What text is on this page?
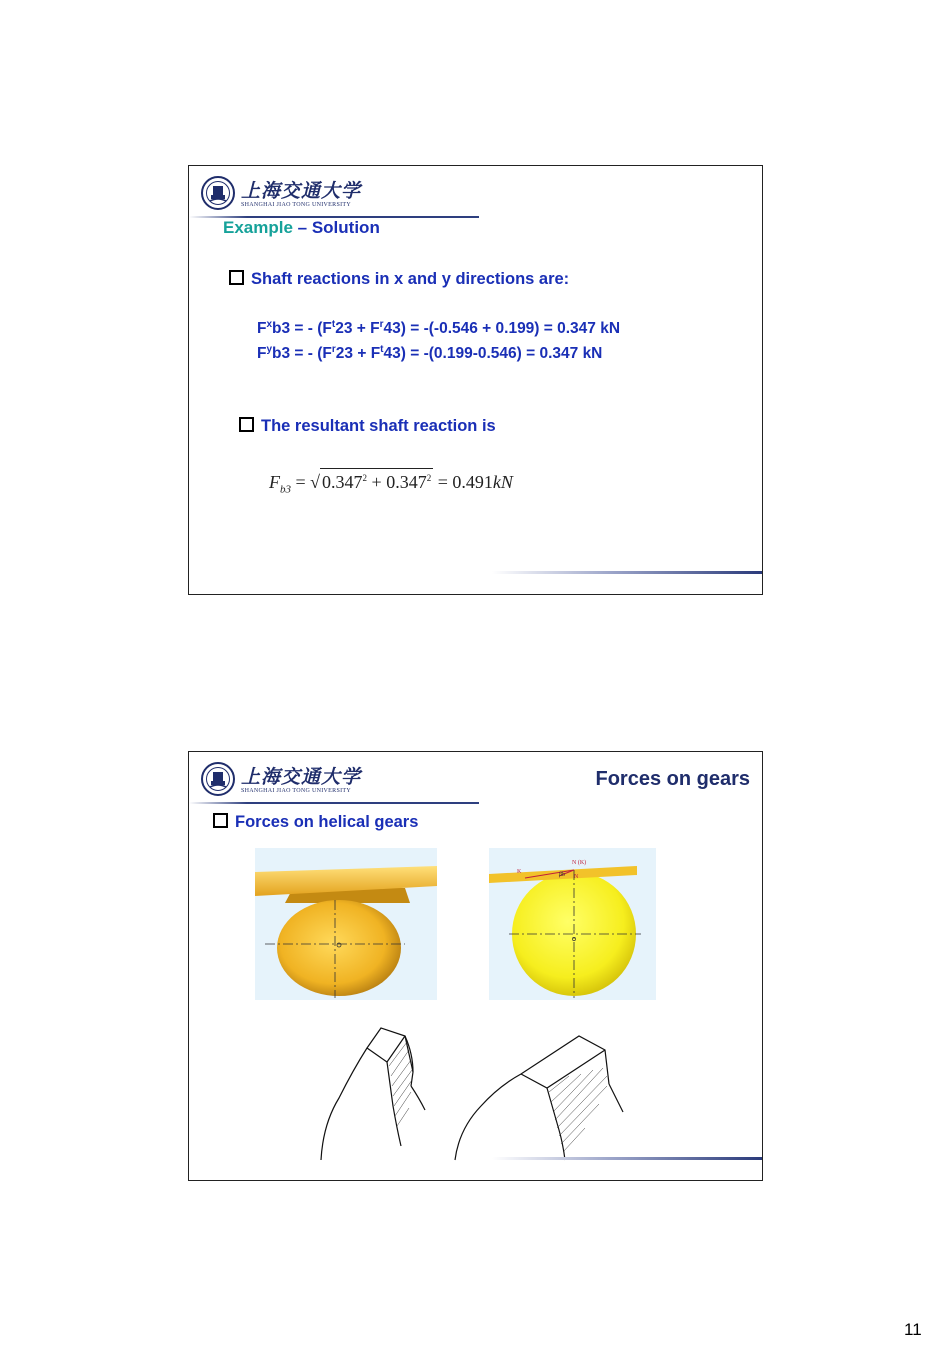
上海交通大学
SHANGHAI JIAO TONG UNIVERSITY
Example – Solution
Shaft reactions in x and y directions are:
$F^xb3$ = - $(F^t23 + F^r43) = -(-0.546 + 0.199) = 0.347$ kN
$F^yb3$ = - $(F^r23 + F^t43) = -(0.199-0.546) = 0.347$ kN
The resultant shaft reaction is
$F_{b3}$ = √ $0.347^2 + 0.347^2 = 0.491kN$
上海交通大学
SHANGHAI JIAO TONG UNIVERSITY
Forces on gears
Forces on helical gears
N (K)
K	βb N
11
